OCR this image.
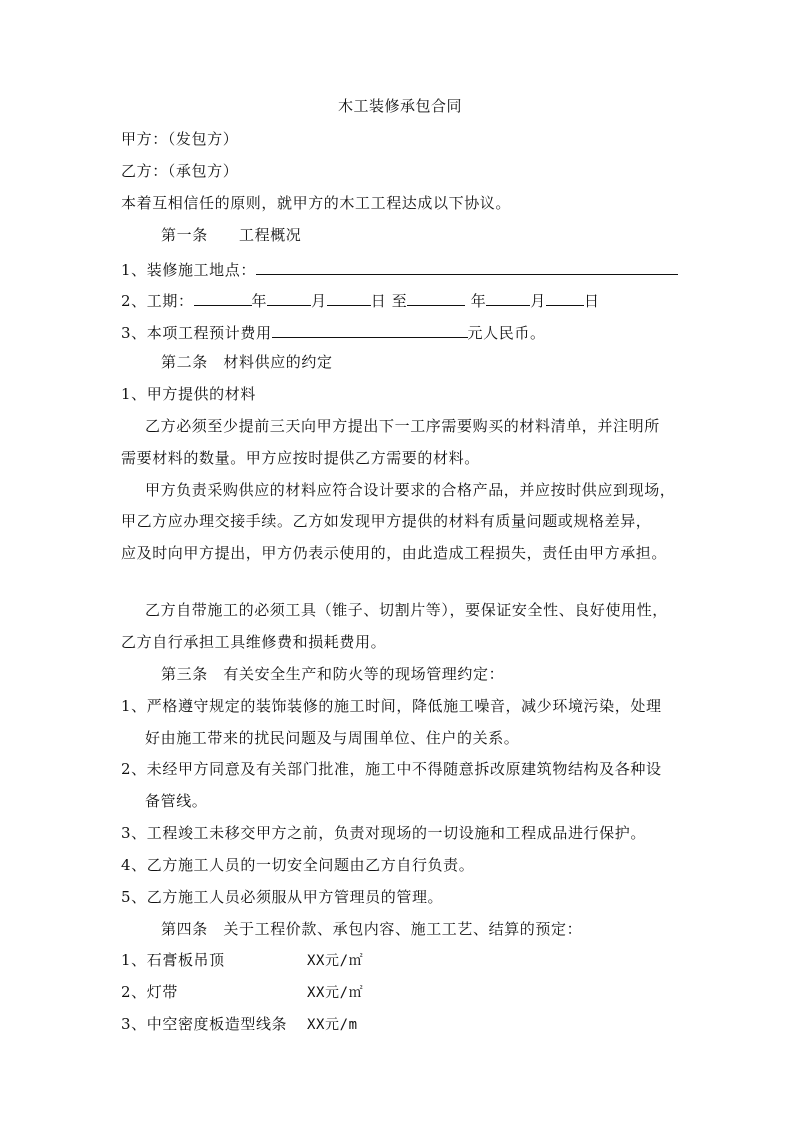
木工装修承包合同
甲方：（发包方）
乙方：（承包方）
本着互相信任的原则，就甲方的木工工程达成以下协议。
第一条　　工程概况
1、装修施工地点：
2、工期：	年	月	日 至	年	月	日
3、本项工程预计费用	元人民币。
第二条　材料供应的约定
1、甲方提供的材料
乙方必须至少提前三天向甲方提出下一工序需要购买的材料清单，并注明所
需要材料的数量。甲方应按时提供乙方需要的材料。
甲方负责采购供应的材料应符合设计要求的合格产品，并应按时供应到现场，
甲乙方应办理交接手续。乙方如发现甲方提供的材料有质量问题或规格差异，
应及时向甲方提出，甲方仍表示使用的，由此造成工程损失，责任由甲方承担。
乙方自带施工的必须工具（锥子、切割片等），要保证安全性、良好使用性，
乙方自行承担工具维修费和损耗费用。
第三条　有关安全生产和防火等的现场管理约定：
1、严格遵守规定的装饰装修的施工时间，降低施工噪音，减少环境污染，处理
好由施工带来的扰民问题及与周围单位、住户的关系。
2、未经甲方同意及有关部门批准，施工中不得随意拆改原建筑物结构及各种设
备管线。
3、工程竣工未移交甲方之前，负责对现场的一切设施和工程成品进行保护。
4、乙方施工人员的一切安全问题由乙方自行负责。
5、乙方施工人员必须服从甲方管理员的管理。
第四条　关于工程价款、承包内容、施工工艺、结算的预定：
1、石膏板吊顶	XX元/㎡
2、灯带	XX元/㎡
3、中空密度板造型线条 XX元/m
